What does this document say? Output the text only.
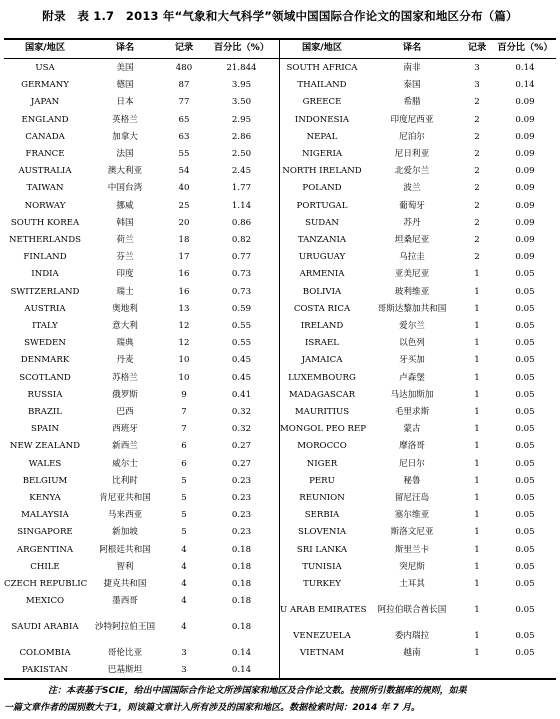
附录　表 1.7　2013 年“气象和大气科学”领域中国国际合作论文的国家和地区分布（篇）
国家/地区	译名	记录	百分比（%）	国家/地区	译名	记录	百分比（%）
USA	美国	480	21.844
GERMANY	德国	87	3.95
JAPAN	日本	77	3.50
ENGLAND	英格兰	65	2.95
CANADA	加拿大	63	2.86
FRANCE	法国	55	2.50
AUSTRALIA	澳大利亚	54	2.45
TAIWAN	中国台湾	40	1.77
NORWAY	挪威	25	1.14
SOUTH KOREA	韩国	20	0.86
NETHERLANDS	荷兰	18	0.82
FINLAND	芬兰	17	0.77
INDIA	印度	16	0.73
SWITZERLAND	瑞士	16	0.73
AUSTRIA	奥地利	13	0.59
ITALY	意大利	12	0.55
SWEDEN	瑞典	12	0.55
DENMARK	丹麦	10	0.45
SCOTLAND	苏格兰	10	0.45
RUSSIA	俄罗斯	9	0.41
BRAZIL	巴西	7	0.32
SPAIN	西班牙	7	0.32
NEW ZEALAND	新西兰	6	0.27
WALES	威尔士	6	0.27
BELGIUM	比利时	5	0.23
KENYA	肯尼亚共和国	5	0.23
MALAYSIA	马来西亚	5	0.23
SINGAPORE	新加坡	5	0.23
ARGENTINA	阿根廷共和国	4	0.18
CHILE	智利	4	0.18
CZECH REPUBLIC	捷克共和国	4	0.18
MEXICO	墨西哥	4	0.18
SAUDI ARABIA	沙特阿拉伯王国	4	0.18
COLOMBIA	哥伦比亚	3	0.14
PAKISTAN	巴基斯坦	3	0.14
SOUTH AFRICA	南非	3	0.14
THAILAND	泰国	3	0.14
GREECE	希腊	2	0.09
INDONESIA	印度尼西亚	2	0.09
NEPAL	尼泊尔	2	0.09
NIGERIA	尼日利亚	2	0.09
NORTH IRELAND	北爱尔兰	2	0.09
POLAND	波兰	2	0.09
PORTUGAL	葡萄牙	2	0.09
SUDAN	苏丹	2	0.09
TANZANIA	坦桑尼亚	2	0.09
URUGUAY	乌拉圭	2	0.09
ARMENIA	亚美尼亚	1	0.05
BOLIVIA	玻利维亚	1	0.05
COSTA RICA	哥斯达黎加共和国	1	0.05
IRELAND	爱尔兰	1	0.05
ISRAEL	以色列	1	0.05
JAMAICA	牙买加	1	0.05
LUXEMBOURG	卢森堡	1	0.05
MADAGASCAR	马达加斯加	1	0.05
MAURITIUS	毛里求斯	1	0.05
MONGOL PEO REP	蒙古	1	0.05
MOROCCO	摩洛哥	1	0.05
NIGER	尼日尔	1	0.05
PERU	秘鲁	1	0.05
REUNION	留尼汪岛	1	0.05
SERBIA	塞尔维亚	1	0.05
SLOVENIA	斯洛文尼亚	1	0.05
SRI LANKA	斯里兰卡	1	0.05
TUNISIA	突尼斯	1	0.05
TURKEY	土耳其	1	0.05
U ARAB EMIRATES	阿拉伯联合酋长国	1	0.05
VENEZUELA	委内瑞拉	1	0.05
VIETNAM	越南	1	0.05
注：本表基于SCIE，给出中国国际合作论文所涉国家和地区及合作论文数。按照所引数据库的规则，如果
一篇文章作者的国别数大于1，则该篇文章计入所有涉及的国家和地区。数据检索时间：2014 年 7 月。
